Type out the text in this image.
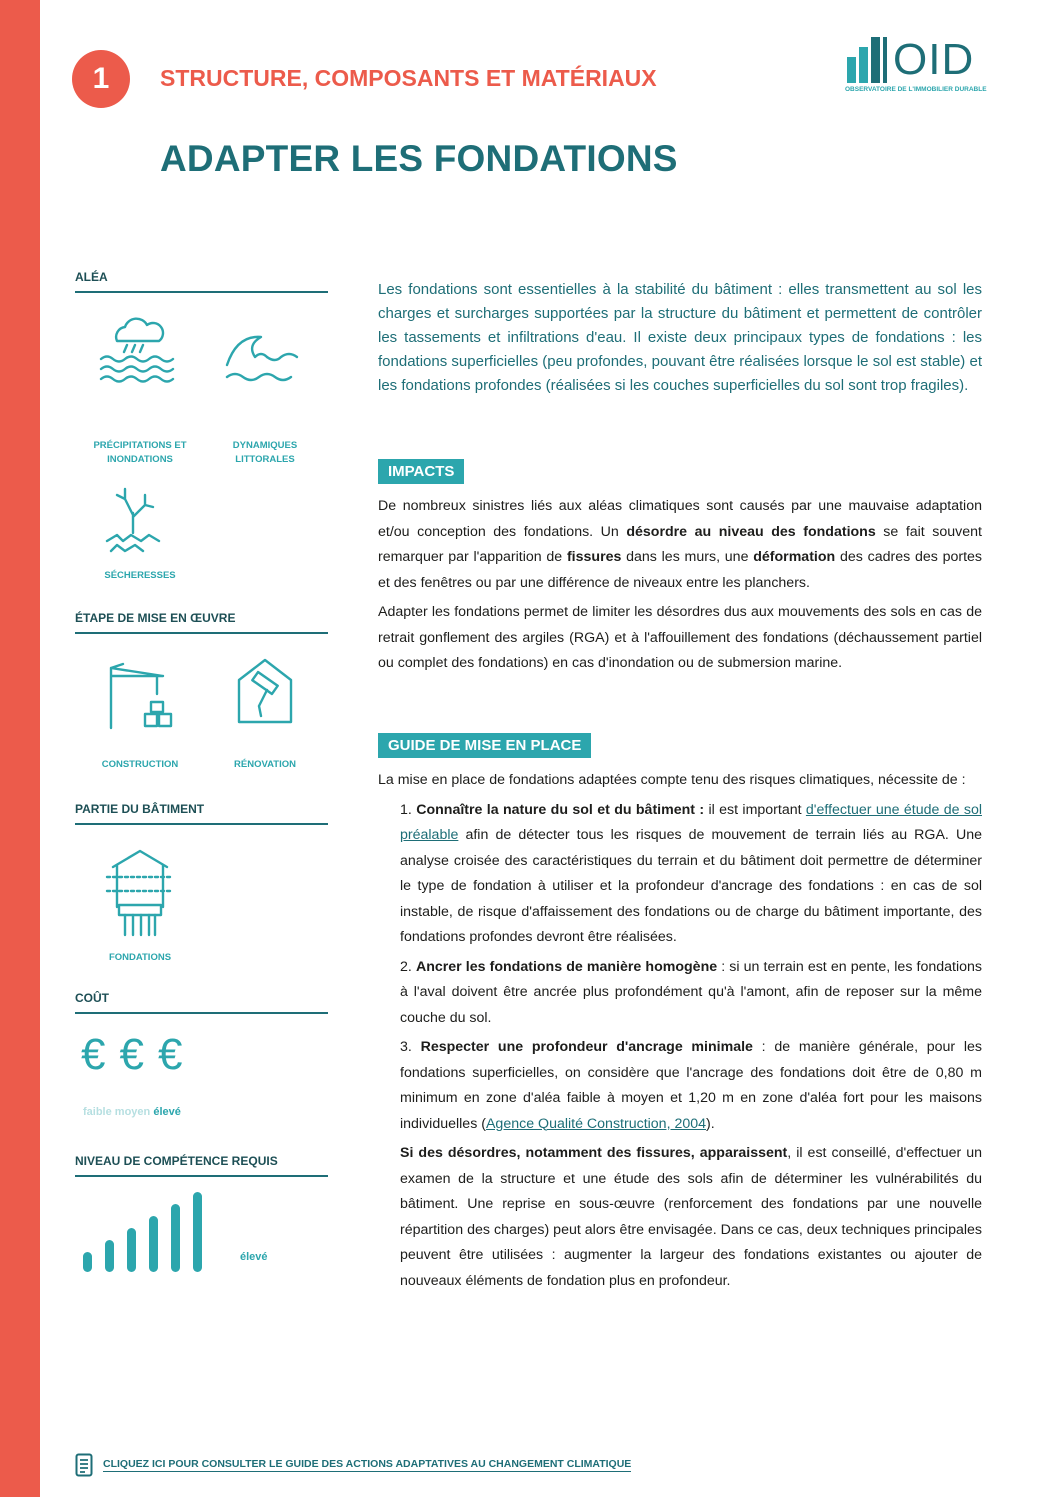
1	STRUCTURE, COMPOSANTS ET MATÉRIAUX	OID
OBSERVATOIRE DE L'IMMOBILIER DURABLE
ADAPTER LES FONDATIONS
ALÉA
PRÉCIPITATIONS ET
INONDATIONS
DYNAMIQUES
LITTORALES
SÉCHERESSES
ÉTAPE DE MISE EN ŒUVRE
CONSTRUCTION	RÉNOVATION
PARTIE DU BÂTIMENT
FONDATIONS
COÛT
€€€
faible moyen élevé
NIVEAU DE COMPÉTENCE REQUIS
élevé
Les fondations sont essentielles à la stabilité du bâtiment : elles transmettent au sol les charges et surcharges supportées par la structure du bâtiment et permettent de contrôler les tassements et infiltrations d'eau. Il existe deux principaux types de fondations : les fondations superficielles (peu profondes, pouvant être réalisées lorsque le sol est stable) et les fondations profondes (réalisées si les couches superficielles du sol sont trop fragiles).
IMPACTS

De nombreux sinistres liés aux aléas climatiques sont causés par une mauvaise adaptation et/ou conception des fondations. Un désordre au niveau des fondations se fait souvent remarquer par l'apparition de fissures dans les murs, une déformation des cadres des portes et des fenêtres ou par une différence de niveaux entre les planchers.

Adapter les fondations permet de limiter les désordres dus aux mouvements des sols en cas de retrait gonflement des argiles (RGA) et à l'affouillement des fondations (déchaussement partiel ou complet des fondations) en cas d'inondation ou de submersion marine.

GUIDE DE MISE EN PLACE

La mise en place de fondations adaptées compte tenu des risques climatiques, nécessite de :

1. Connaître la nature du sol et du bâtiment : il est important d'effectuer une étude de sol préalable afin de détecter tous les risques de mouvement de terrain liés au RGA. Une analyse croisée des caractéristiques du terrain et du bâtiment doit permettre de déterminer le type de fondation à utiliser et la profondeur d'ancrage des fondations : en cas de sol instable, de risque d'affaissement des fondations ou de charge du bâtiment importante, des fondations profondes devront être réalisées.

2. Ancrer les fondations de manière homogène : si un terrain est en pente, les fondations à l'aval doivent être ancrée plus profondément qu'à l'amont, afin de reposer sur la même couche du sol.

3. Respecter une profondeur d'ancrage minimale : de manière générale, pour les fondations superficielles, on considère que l'ancrage des fondations doit être de 0,80 m minimum en zone d'aléa faible à moyen et 1,20 m en zone d'aléa fort pour les maisons individuelles (Agence Qualité Construction, 2004).

Si des désordres, notamment des fissures, apparaissent, il est conseillé, d'effectuer un examen de la structure et une étude des sols afin de déterminer les vulnérabilités du bâtiment. Une reprise en sous-œuvre (renforcement des fondations par une nouvelle répartition des charges) peut alors être envisagée. Dans ce cas, deux techniques principales peuvent être utilisées : augmenter la largeur des fondations existantes ou ajouter de nouveaux éléments de fondation plus en profondeur.

CLIQUEZ ICI POUR CONSULTER LE GUIDE DES ACTIONS ADAPTATIVES AU CHANGEMENT CLIMATIQUE
